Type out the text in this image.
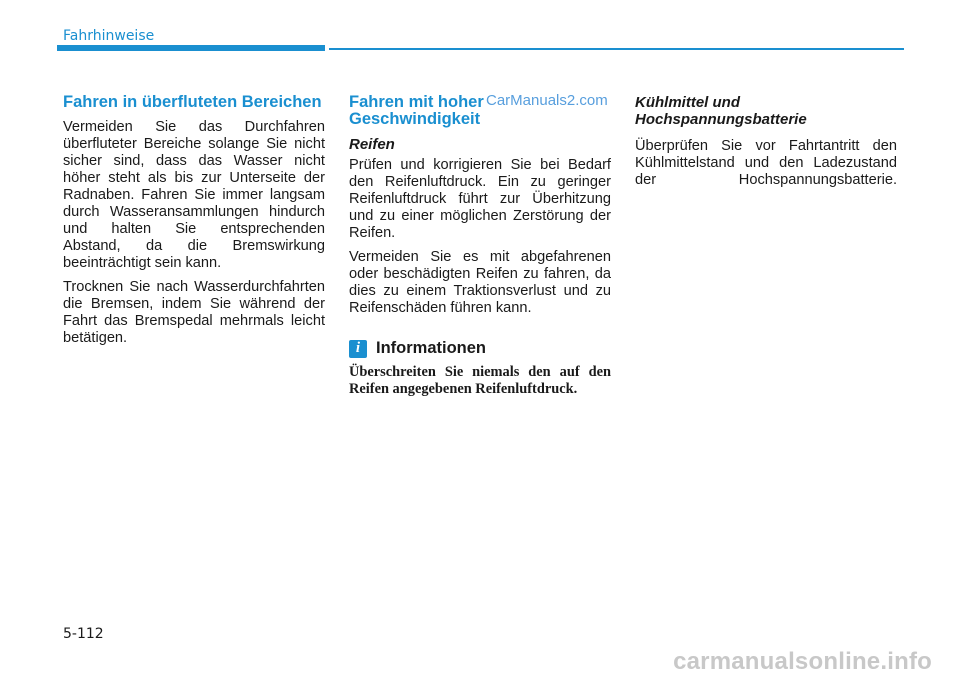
Fahrhinweise
Fahren in überfluteten Bereichen

Vermeiden Sie das Durchfahren überfluteter Bereiche solange Sie nicht sicher sind, dass das Wasser nicht höher steht als bis zur Unterseite der Radnaben. Fahren Sie immer langsam durch Wasseransammlungen hindurch und halten Sie entsprechenden Abstand, da die Bremswirkung beeinträchtigt sein kann.

Trocknen Sie nach Wasserdurchfahrten die Bremsen, indem Sie während der Fahrt das Bremspedal mehrmals leicht betätigen.

Fahren mit hoher Geschwindigkeit
Reifen

Prüfen und korrigieren Sie bei Bedarf den Reifenluftdruck. Ein zu geringer Reifenluftdruck führt zur Überhitzung und zu einer möglichen Zerstörung der Reifen.

Vermeiden Sie es mit abgefahrenen oder beschädigten Reifen zu fahren, da dies zu einem Traktionsverlust und zu Reifenschäden führen kann.

i Informationen

Überschreiten Sie niemals den auf den Reifen angegebenen Reifenluftdruck.

Kühlmittel und Hochspannungsbatterie

Überprüfen Sie vor Fahrtantritt den Kühlmittelstand und den Ladezustand der Hochspannungsbatterie.

CarManuals2.com
5-112
carmanualsonline.info
